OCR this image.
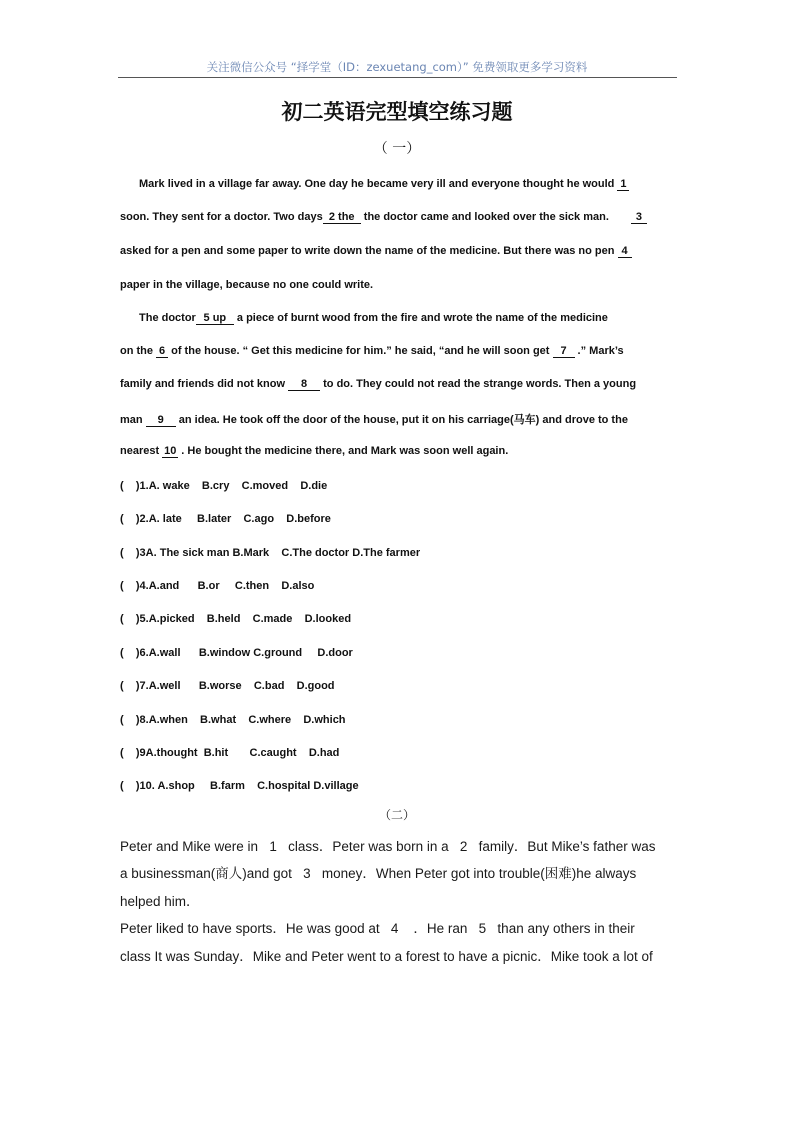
关注微信公众号 “择学堂（ID：zexuetang_com）” 免费领取更多学习资料
初二英语完型填空练习题
（ 一）
Mark lived in a village far away. One day he became very ill and everyone thought he would 1
soon. They sent for a doctor. Two days 2 the the doctor came and looked over the sick man. 3
asked for a pen and some paper to write down the name of the medicine. But there was no pen 4
paper in the village, because no one could write.
The doctor 5 up a piece of burnt wood from the fire and wrote the name of the medicine
on the 6 of the house. “ Get this medicine for him.” he said, “and he will soon get 7 .” Mark’s
family and friends did not know 8 to do. They could not read the strange words. Then a young
man 9 an idea. He took off the door of the house, put it on his carriage(马车) and drove to the
nearest 10 . He bought the medicine there, and Mark was soon well again.
(    )1.A. wake    B.cry    C.moved    D.die
(    )2.A. late     B.later    C.ago    D.before
(    )3A. The sick man B.Mark    C.The doctor D.The farmer
(    )4.A.and      B.or     C.then    D.also
(    )5.A.picked    B.held    C.made    D.looked
(    )6.A.wall      B.window C.ground     D.door
(    )7.A.well      B.worse    C.bad    D.good
(    )8.A.when    B.what    C.where    D.which
(    )9A.thought  B.hit       C.caught    D.had
(    )10. A.shop     B.farm    C.hospital D.village
（二）
Peter and Mike were in   1   class．Peter was born in a   2   family．But Mike’s father was
a businessman(商人)and got   3   money．When Peter got into trouble(困难)he always
helped him．
Peter liked to have sports．He was good at   4    ．He ran   5   than any others in their
class It was Sunday．Mike and Peter went to a forest to have a picnic．Mike took a lot of
